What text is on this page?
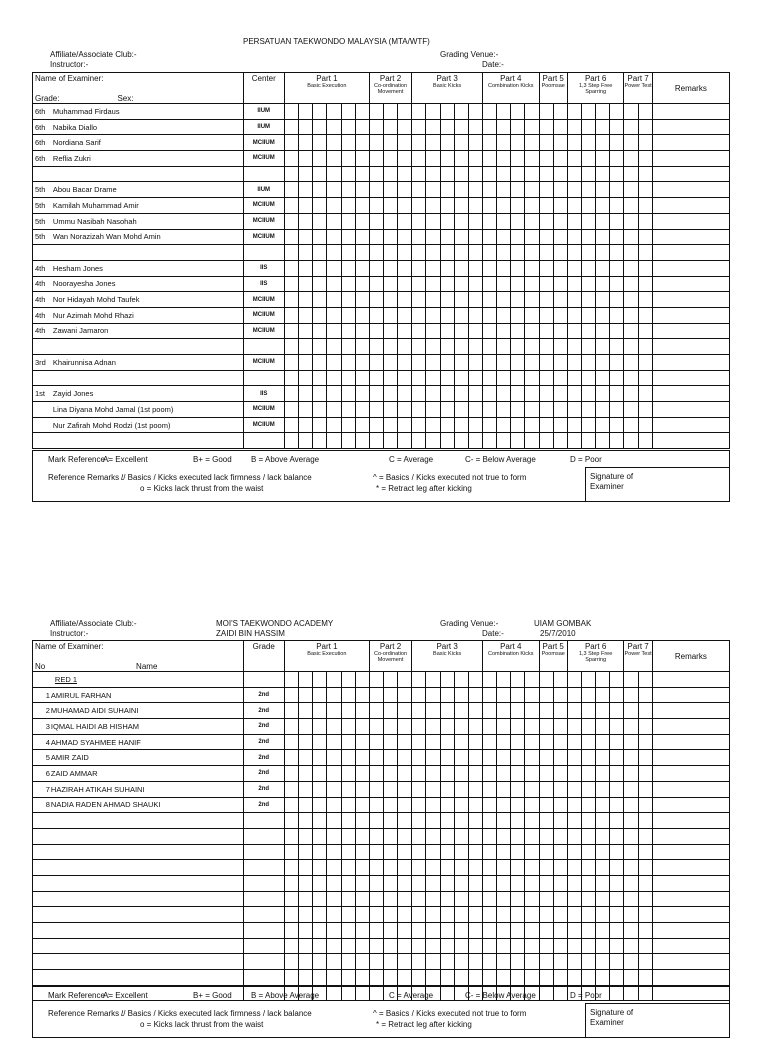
PERSATUAN TAEKWONDO MALAYSIA (MTA/WTF)
Affiliate/Associate Club:-
Instructor:-
Grading Venue:-
Date:-
Name of Examiner:		Center	Part 1						Part 2			Part 3					Part 4				Part 5		Part 6				Part 7		Remarks
Grade: Sex:			Basic Execution						Co-ordination Movement			Basic Kicks					Combination Kicks				Poomsae		1,3 Step Free Sparring				Power Test		
6th	Muhammad Firdaus	IIUM																											
6th	Nabika Diallo	IIUM																											
6th	Nordiana Sarif	MCIIUM																											
6th	Reflia Zukri	MCIIUM																											

5th	Abou Bacar Drame	IIUM																											
5th	Kamilah Muhammad Amir	MCIIUM																											
5th	Ummu Nasibah Nasohah	MCIIUM																											
5th	Wan Norazizah Wan Mohd Amin	MCIIUM																											

4th	Hesham Jones	IIS																											
4th	Noorayesha Jones	IIS																											
4th	Nor Hidayah Mohd Taufek	MCIIUM																											
4th	Nur Azimah Mohd Rhazi	MCIIUM																											
4th	Zawani Jamaron	MCIIUM																											

3rd	Khairunnisa Adnan	MCIIUM																											

1st	Zayid Jones	IIS																											
	Lina Diyana Mohd Jamal (1st poom)	MCIIUM																											
	Nur Zafirah Mohd Rodzi (1st poom)	MCIIUM																											

Mark Reference :
A= Excellent	B+ = Good B = Above Average	C = Average	C- = Below Average	D = Poor
Reference Remarks :
// Basics / Kicks executed lack firmness / lack balance
o = Kicks lack thrust from the waist
^ = Basics / Kicks executed not true to form
* = Retract leg after kicking
Signature of Examiner
Affiliate/Associate Club:-	MOI'S TAEKWONDO ACADEMY
Instructor:-	ZAIDI BIN HASSIM
Grading Venue:-	UIAM GOMBAK
Date:-	25/7/2010
Name of Examiner:		Grade	Part 1						Part 2			Part 3					Part 4				Part 5		Part 6				Part 7		Remarks
No	Name		Basic Execution						Co-ordination Movement			Basic Kicks					Combination Kicks				Poomsae		1,3 Step Free Sparring				Power Test		
	RED 1																												
1	AMIRUL FARHAN	2nd																											
2	MUHAMAD AIDI SUHAINI	2nd																											
3	IQMAL HAIDI AB HISHAM	2nd																											
4	AHMAD SYAHMEE HANIF	2nd																											
5	AMIR ZAID	2nd																											
6	ZAID AMMAR	2nd																											
7	HAZIRAH ATIKAH SUHAINI	2nd																											
8	NADIA RADEN AHMAD SHAUKI	2nd																											

Mark Reference :
A= Excellent	B+ = Good B = Above Average	C = Average	C- = Below Average	D = Poor
Reference Remarks :
// Basics / Kicks executed lack firmness / lack balance
o = Kicks lack thrust from the waist
^ = Basics / Kicks executed not true to form
* = Retract leg after kicking
Signature of Examiner
